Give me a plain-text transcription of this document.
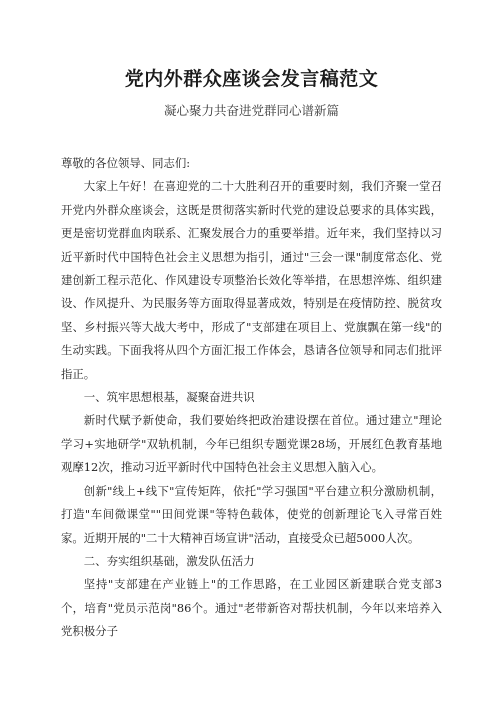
党内外群众座谈会发言稿范文

凝心聚力共奋进党群同心谱新篇

尊敬的各位领导、同志们:

大家上午好！在喜迎党的二十大胜利召开的重要时刻，我们齐聚一堂召开党内外群众座谈会，这既是贯彻落实新时代党的建设总要求的具体实践，更是密切党群血肉联系、汇聚发展合力的重要举措。近年来，我们坚持以习近平新时代中国特色社会主义思想为指引，通过"三会一课"制度常态化、党建创新工程示范化、作风建设专项整治长效化等举措，在思想淬炼、组织建设、作风提升、为民服务等方面取得显著成效，特别是在疫情防控、脱贫攻坚、乡村振兴等大战大考中，形成了"支部建在项目上、党旗飘在第一线"的生动实践。下面我将从四个方面汇报工作体会，恳请各位领导和同志们批评指正。

一、筑牢思想根基，凝聚奋进共识

新时代赋予新使命，我们要始终把政治建设摆在首位。通过建立"理论学习+实地研学"双轨机制，今年已组织专题党课28场，开展红色教育基地观摩12次，推动习近平新时代中国特色社会主义思想入脑入心。

创新"线上+线下"宣传矩阵，依托"学习强国"平台建立积分激励机制，打造"车间微课堂""田间党课"等特色载体，使党的创新理论飞入寻常百姓家。近期开展的"二十大精神百场宣讲"活动，直接受众已超5000人次。

二、夯实组织基础，激发队伍活力

坚持"支部建在产业链上"的工作思路，在工业园区新建联合党支部3个，培育"党员示范岗"86个。通过"老带新咨对帮扶机制，今年以来培养入党积极分子
